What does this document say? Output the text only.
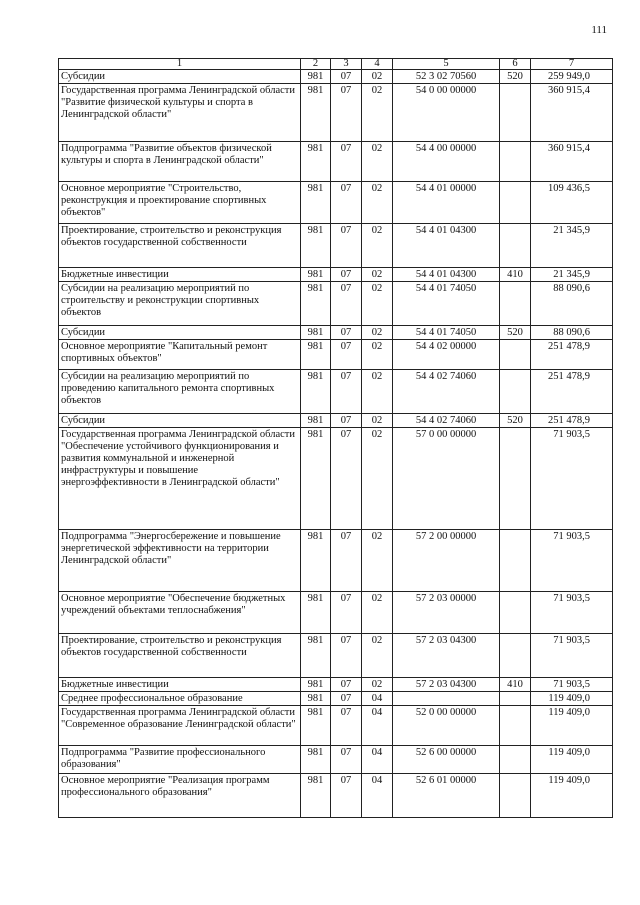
111
1	2	3	4	5	6	7
Субсидии	981	07	02	52 3 02 70560	520	259 949,0
Государственная программа Ленинградской области "Развитие физической культуры и спорта в Ленинградской области"	981	07	02	54 0 00 00000		360 915,4
Подпрограмма "Развитие объектов физической культуры и спорта в Ленинградской области"	981	07	02	54 4 00 00000		360 915,4
Основное мероприятие "Строительство, реконструкция и проектирование спортивных объектов"	981	07	02	54 4 01 00000		109 436,5
Проектирование, строительство и реконструкция объектов государственной собственности	981	07	02	54 4 01 04300		21 345,9
Бюджетные инвестиции	981	07	02	54 4 01 04300	410	21 345,9
Субсидии на реализацию мероприятий по строительству и реконструкции спортивных объектов	981	07	02	54 4 01 74050		88 090,6
Субсидии	981	07	02	54 4 01 74050	520	88 090,6
Основное мероприятие "Капитальный ремонт спортивных объектов"	981	07	02	54 4 02 00000		251 478,9
Субсидии на реализацию мероприятий по проведению капитального ремонта спортивных объектов	981	07	02	54 4 02 74060		251 478,9
Субсидии	981	07	02	54 4 02 74060	520	251 478,9
Государственная программа Ленинградской области "Обеспечение устойчивого функционирования и развития коммунальной и инженерной инфраструктуры и повышение энергоэффективности в Ленинградской области"	981	07	02	57 0 00 00000		71 903,5
Подпрограмма "Энергосбережение и повышение энергетической эффективности на территории Ленинградской области"	981	07	02	57 2 00 00000		71 903,5
Основное мероприятие "Обеспечение бюджетных учреждений объектами теплоснабжения"	981	07	02	57 2 03 00000		71 903,5
Проектирование, строительство и реконструкция объектов государственной собственности	981	07	02	57 2 03 04300		71 903,5
Бюджетные инвестиции	981	07	02	57 2 03 04300	410	71 903,5
Среднее профессиональное образование	981	07	04			119 409,0
Государственная программа Ленинградской области "Современное образование Ленинградской области"	981	07	04	52 0 00 00000		119 409,0
Подпрограмма "Развитие профессионального образования"	981	07	04	52 6 00 00000		119 409,0
Основное мероприятие "Реализация программ профессионального образования"	981	07	04	52 6 01 00000		119 409,0
